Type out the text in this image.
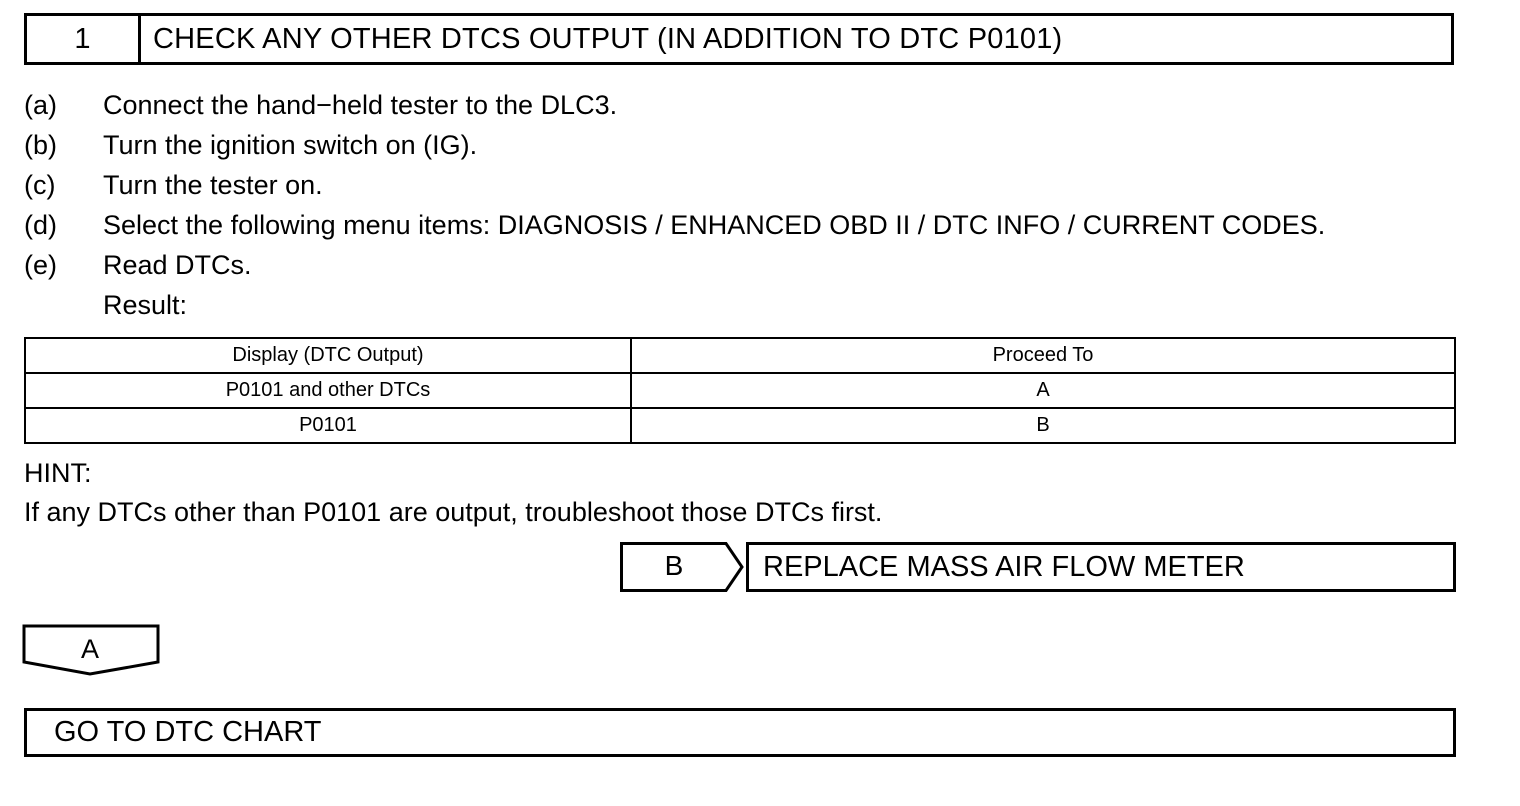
1	CHECK ANY OTHER DTCS OUTPUT (IN ADDITION TO DTC P0101)
(a) Connect the hand−held tester to the DLC3.
(b) Turn the ignition switch on (IG).
(c) Turn the tester on.
(d) Select the following menu items: DIAGNOSIS / ENHANCED OBD II / DTC INFO / CURRENT CODES.
(e) Read DTCs.
Result:
Display (DTC Output)	Proceed To
P0101 and other DTCs	A
P0101	B
HINT:
If any DTCs other than P0101 are output, troubleshoot those DTCs first.
B	REPLACE MASS AIR FLOW METER
A
GO TO DTC CHART
